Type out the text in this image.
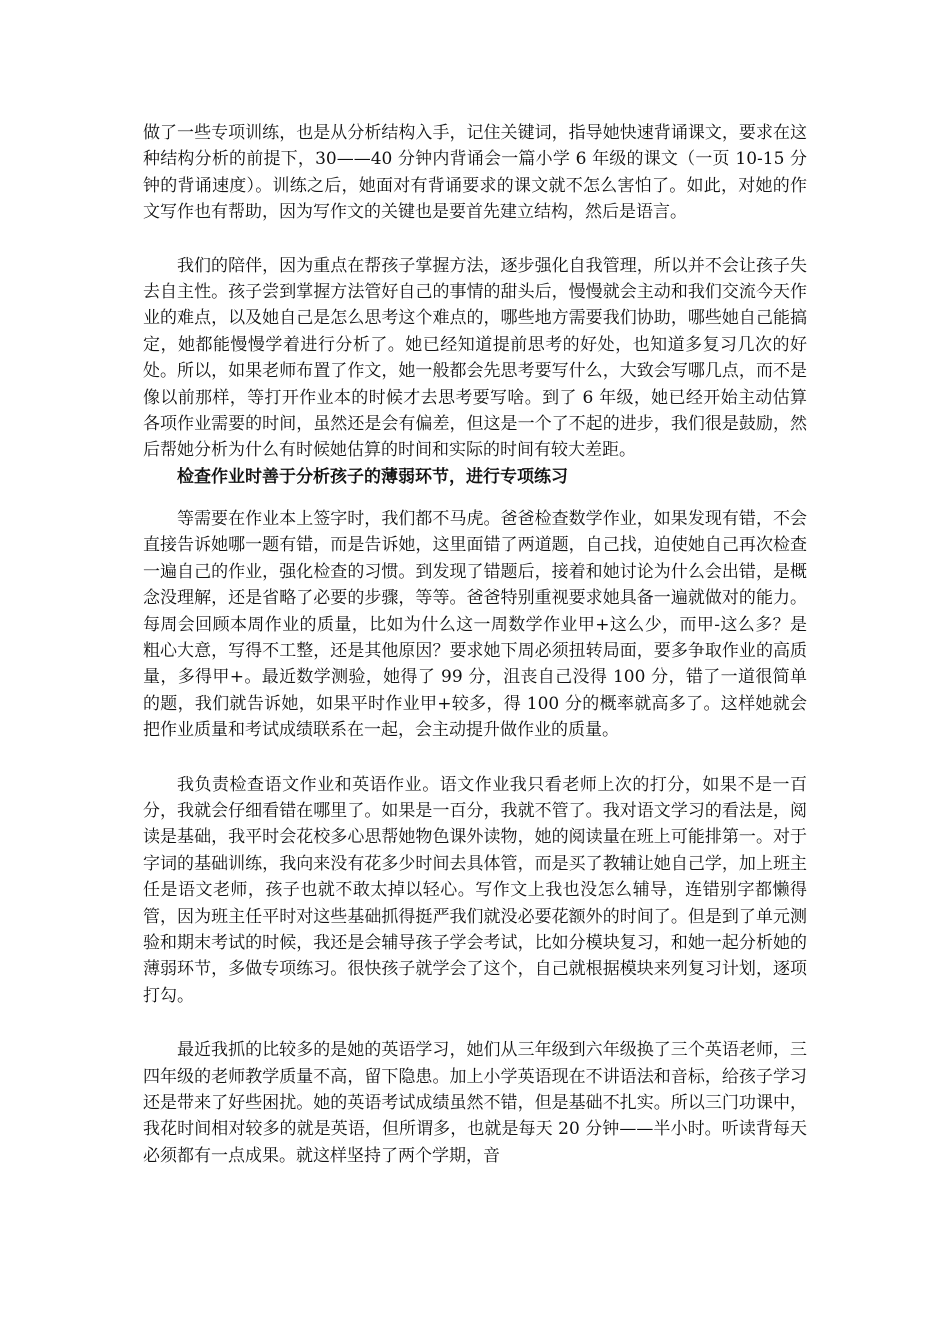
做了一些专项训练，也是从分析结构入手，记住关键词，指导她快速背诵课文，要求在这种结构分析的前提下，30——40 分钟内背诵会一篇小学 6 年级的课文（一页 10-15 分钟的背诵速度）。训练之后，她面对有背诵要求的课文就不怎么害怕了。如此，对她的作文写作也有帮助，因为写作文的关键也是要首先建立结构，然后是语言。

我们的陪伴，因为重点在帮孩子掌握方法，逐步强化自我管理，所以并不会让孩子失去自主性。孩子尝到掌握方法管好自己的事情的甜头后，慢慢就会主动和我们交流今天作业的难点，以及她自己是怎么思考这个难点的，哪些地方需要我们协助，哪些她自己能搞定，她都能慢慢学着进行分析了。她已经知道提前思考的好处，也知道多复习几次的好处。所以，如果老师布置了作文，她一般都会先思考要写什么，大致会写哪几点，而不是像以前那样，等打开作业本的时候才去思考要写啥。到了 6 年级，她已经开始主动估算各项作业需要的时间，虽然还是会有偏差，但这是一个了不起的进步，我们很是鼓励，然后帮她分析为什么有时候她估算的时间和实际的时间有较大差距。

检查作业时善于分析孩子的薄弱环节，进行专项练习

等需要在作业本上签字时，我们都不马虎。爸爸检查数学作业，如果发现有错，不会直接告诉她哪一题有错，而是告诉她，这里面错了两道题，自己找，迫使她自己再次检查一遍自己的作业，强化检查的习惯。到发现了错题后，接着和她讨论为什么会出错，是概念没理解，还是省略了必要的步骤，等等。爸爸特别重视要求她具备一遍就做对的能力。每周会回顾本周作业的质量，比如为什么这一周数学作业甲+这么少，而甲-这么多？是粗心大意，写得不工整，还是其他原因？要求她下周必须扭转局面，要多争取作业的高质量，多得甲+。最近数学测验，她得了 99 分，沮丧自己没得 100 分，错了一道很简单的题，我们就告诉她，如果平时作业甲+较多，得 100 分的概率就高多了。这样她就会把作业质量和考试成绩联系在一起，会主动提升做作业的质量。

我负责检查语文作业和英语作业。语文作业我只看老师上次的打分，如果不是一百分，我就会仔细看错在哪里了。如果是一百分，我就不管了。我对语文学习的看法是，阅读是基础，我平时会花校多心思帮她物色课外读物，她的阅读量在班上可能排第一。对于字词的基础训练，我向来没有花多少时间去具体管，而是买了教辅让她自己学，加上班主任是语文老师，孩子也就不敢太掉以轻心。写作文上我也没怎么辅导，连错别字都懒得管，因为班主任平时对这些基础抓得挺严我们就没必要花额外的时间了。但是到了单元测验和期末考试的时候，我还是会辅导孩子学会考试，比如分模块复习，和她一起分析她的薄弱环节，多做专项练习。很快孩子就学会了这个，自己就根据模块来列复习计划，逐项打勾。

最近我抓的比较多的是她的英语学习，她们从三年级到六年级换了三个英语老师，三四年级的老师教学质量不高，留下隐患。加上小学英语现在不讲语法和音标，给孩子学习还是带来了好些困扰。她的英语考试成绩虽然不错，但是基础不扎实。所以三门功课中，我花时间相对较多的就是英语，但所谓多，也就是每天 20 分钟——半小时。听读背每天必须都有一点成果。就这样坚持了两个学期，音
